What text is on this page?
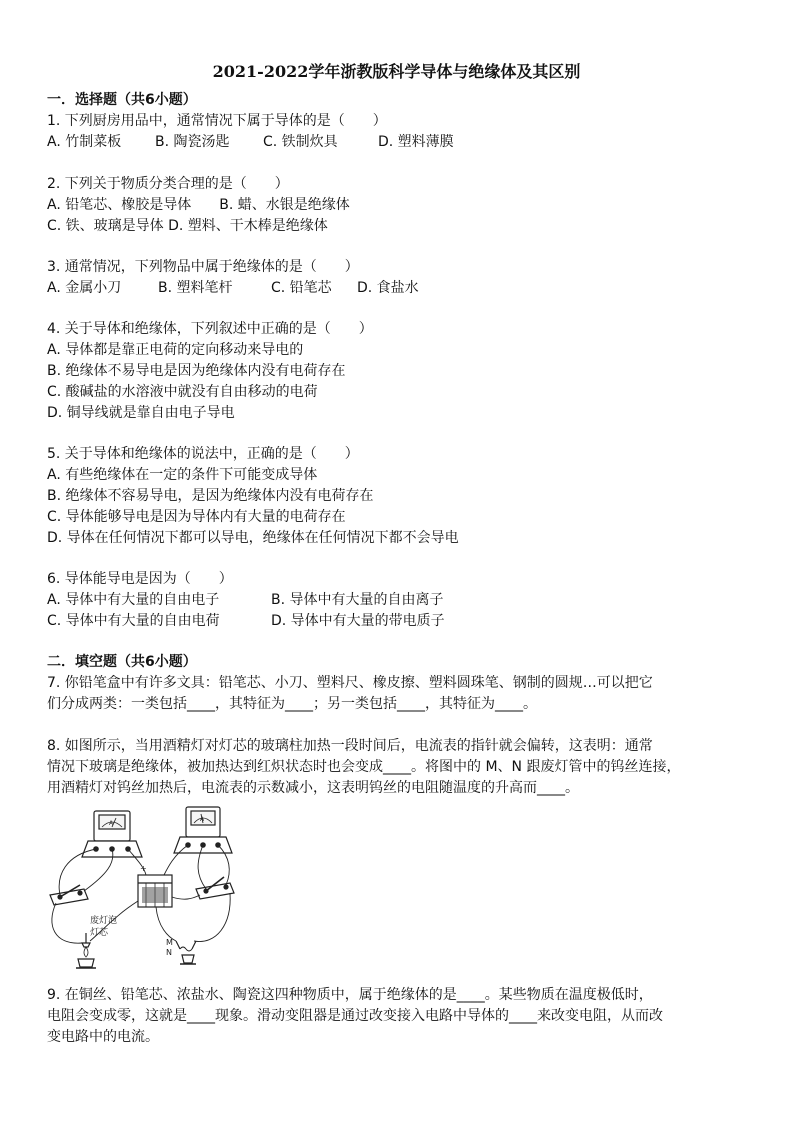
2021-2022学年浙教版科学导体与绝缘体及其区别
一．选择题（共6小题）
1. 下列厨房用品中，通常情况下属于导体的是（　　）
A. 竹制菜板 B. 陶瓷汤匙 C. 铁制炊具	D. 塑料薄膜
2. 下列关于物质分类合理的是（　　）
A. 铅笔芯、橡胶是导体　　B. 蜡、水银是绝缘体
C. 铁、玻璃是导体 D. 塑料、干木棒是绝缘体
3. 通常情况，下列物品中属于绝缘体的是（　　）
A. 金属小刀	B. 塑料笔杆	C. 铅笔芯 D. 食盐水
4. 关于导体和绝缘体，下列叙述中正确的是（　　）
A. 导体都是靠正电荷的定向移动来导电的
B. 绝缘体不易导电是因为绝缘体内没有电荷存在
C. 酸碱盐的水溶液中就没有自由移动的电荷
D. 铜导线就是靠自由电子导电
5. 关于导体和绝缘体的说法中，正确的是（　　）
A. 有些绝缘体在一定的条件下可能变成导体
B. 绝缘体不容易导电，是因为绝缘体内没有电荷存在
C. 导体能够导电是因为导体内有大量的电荷存在
D. 导体在任何情况下都可以导电，绝缘体在任何情况下都不会导电
6. 导体能导电是因为（　　）
A. 导体中有大量的自由电子	B. 导体中有大量的自由离子
C. 导体中有大量的自由电荷	D. 导体中有大量的带电质子
二．填空题（共6小题）
7. 你铅笔盒中有许多文具：铅笔芯、小刀、塑料尺、橡皮擦、塑料圆珠笔、钢制的圆规…可以把它
们分成两类：一类包括____，其特征为____；另一类包括____，其特征为____。
8. 如图所示，当用酒精灯对灯芯的玻璃柱加热一段时间后，电流表的指针就会偏转，这表明：通常
情况下玻璃是绝缘体，被加热达到红炽状态时也会变成____。将图中的 M、N 跟废灯管中的钨丝连接，
用酒精灯对钨丝加热后，电流表的示数减小，这表明钨丝的电阻随温度的升高而____。
A
A
+
M
N
废灯泡
灯芯
9. 在铜丝、铅笔芯、浓盐水、陶瓷这四种物质中，属于绝缘体的是____。某些物质在温度极低时，
电阻会变成零，这就是____现象。滑动变阻器是通过改变接入电路中导体的____来改变电阻，从而改
变电路中的电流。
